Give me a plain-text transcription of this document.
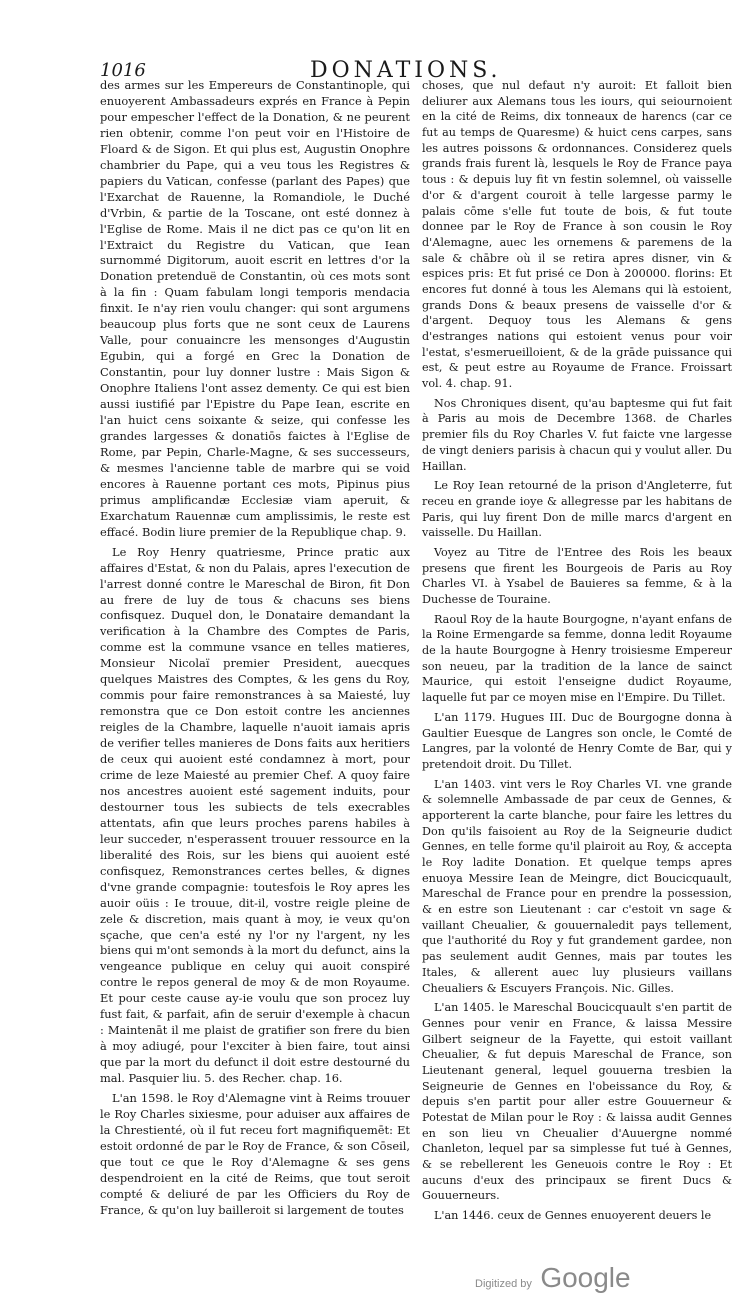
1016	DONATIONS.

des armes sur les Empereurs de Constantinople, qui enuoyerent Ambassadeurs exprés en France à Pepin pour empescher l'effect de la Donation, & ne peurent rien obtenir, comme l'on peut voir en l'Histoire de Floard & de Sigon. Et qui plus est, Augustin Onophre chambrier du Pape, qui a veu tous les Registres & papiers du Vatican, confesse (parlant des Papes) que l'Exarchat de Rauenne, la Romandiole, le Duché d'Vrbin, & partie de la Toscane, ont esté donnez à l'Eglise de Rome. Mais il ne dict pas ce qu'on lit en l'Extraict du Registre du Vatican, que Iean surnommé Digitorum, auoit escrit en lettres d'or la Donation pretenduë de Constantin, où ces mots sont à la fin : Quam fabulam longi temporis mendacia finxit. Ie n'ay rien voulu changer: qui sont argumens beaucoup plus forts que ne sont ceux de Laurens Valle, pour conuaincre les mensonges d'Augustin Egubin, qui a forgé en Grec la Donation de Constantin, pour luy donner lustre : Mais Sigon & Onophre Italiens l'ont assez dementy. Ce qui est bien aussi iustifié par l'Epistre du Pape Iean, escrite en l'an huict cens soixante & seize, qui confesse les grandes largesses & donatiōs faictes à l'Eglise de Rome, par Pepin, Charle-Magne, & ses successeurs, & mesmes l'ancienne table de marbre qui se void encores à Rauenne portant ces mots, Pipinus pius primus amplificandæ Ecclesiæ viam aperuit, & Exarchatum Rauennæ cum amplissimis, le reste est effacé. Bodin liure premier de la Republique chap. 9.

Le Roy Henry quatriesme, Prince pratic aux affaires d'Estat, & non du Palais, apres l'execution de l'arrest donné contre le Mareschal de Biron, fit Don au frere de luy de tous & chacuns ses biens confisquez. Duquel don, le Donataire demandant la verification à la Chambre des Comptes de Paris, comme est la commune vsance en telles matieres, Monsieur Nicolaï premier President, auecques quelques Maistres des Comptes, & les gens du Roy, commis pour faire remonstrances à sa Maiesté, luy remonstra que ce Don estoit contre les anciennes reigles de la Chambre, laquelle n'auoit iamais apris de verifier telles manieres de Dons faits aux heritiers de ceux qui auoient esté condamnez à mort, pour crime de leze Maiesté au premier Chef. A quoy faire nos ancestres auoient esté sagement induits, pour destourner tous les subiects de tels execrables attentats, afin que leurs proches parens habiles à leur succeder, n'esperassent trouuer ressource en la liberalité des Rois, sur les biens qui auoient esté confisquez, Remonstrances certes belles, & dignes d'vne grande compagnie: toutesfois le Roy apres les auoir oüis : Ie trouue, dit-il, vostre reigle pleine de zele & discretion, mais quant à moy, ie veux qu'on sçache, que cen'a esté ny l'or ny l'argent, ny les biens qui m'ont semonds à la mort du defunct, ains la vengeance publique en celuy qui auoit conspiré contre le repos general de moy & de mon Royaume. Et pour ceste cause ay-ie voulu que son procez luy fust fait, & parfait, afin de seruir d'exemple à chacun : Maintenāt il me plaist de gratifier son frere du bien à moy adiugé, pour l'exciter à bien faire, tout ainsi que par la mort du defunct il doit estre destourné du mal. Pasquier liu. 5. des Recher. chap. 16.

L'an 1598. le Roy d'Alemagne vint à Reims trouuer le Roy Charles sixiesme, pour aduiser aux affaires de la Chrestienté, où il fut receu fort magnifiquemēt: Et estoit ordonné de par le Roy de France, & son Cōseil, que tout ce que le Roy d'Alemagne & ses gens despendroient en la cité de Reims, que tout seroit compté & deliuré de par les Officiers du Roy de France, & qu'on luy bailleroit si largement de toutes

choses, que nul defaut n'y auroit: Et falloit bien deliurer aux Alemans tous les iours, qui seiournoient en la cité de Reims, dix tonneaux de harencs (car ce fut au temps de Quaresme) & huict cens carpes, sans les autres poissons & ordonnances. Considerez quels grands frais furent là, lesquels le Roy de France paya tous : & depuis luy fit vn festin solemnel, où vaisselle d'or & d'argent couroit à telle largesse parmy le palais cōme s'elle fut toute de bois, & fut toute donnee par le Roy de France à son cousin le Roy d'Alemagne, auec les ornemens & paremens de la sale & chābre où il se retira apres disner, vin & espices pris: Et fut prisé ce Don à 200000. florins: Et encores fut donné à tous les Alemans qui là estoient, grands Dons & beaux presens de vaisselle d'or & d'argent. Dequoy tous les Alemans & gens d'estranges nations qui estoient venus pour voir l'estat, s'esmerueilloient, & de la grāde puissance qui est, & peut estre au Royaume de France. Froissart vol. 4. chap. 91.

Nos Chroniques disent, qu'au baptesme qui fut fait à Paris au mois de Decembre 1368. de Charles premier fils du Roy Charles V. fut faicte vne largesse de vingt deniers parisis à chacun qui y voulut aller. Du Haillan.

Le Roy Iean retourné de la prison d'Angleterre, fut receu en grande ioye & allegresse par les habitans de Paris, qui luy firent Don de mille marcs d'argent en vaisselle. Du Haillan.

Voyez au Titre de l'Entree des Rois les beaux presens que firent les Bourgeois de Paris au Roy Charles VI. à Ysabel de Bauieres sa femme, & à la Duchesse de Touraine.

Raoul Roy de la haute Bourgogne, n'ayant enfans de la Roine Ermengarde sa femme, donna ledit Royaume de la haute Bourgogne à Henry troisiesme Empereur son neueu, par la tradition de la lance de sainct Maurice, qui estoit l'enseigne dudict Royaume, laquelle fut par ce moyen mise en l'Empire. Du Tillet.

L'an 1179. Hugues III. Duc de Bourgogne donna à Gaultier Euesque de Langres son oncle, le Comté de Langres, par la volonté de Henry Comte de Bar, qui y pretendoit droit. Du Tillet.

L'an 1403. vint vers le Roy Charles VI. vne grande & solemnelle Ambassade de par ceux de Gennes, & apporterent la carte blanche, pour faire les lettres du Don qu'ils faisoient au Roy de la Seigneurie dudict Gennes, en telle forme qu'il plairoit au Roy, & accepta le Roy ladite Donation. Et quelque temps apres enuoya Messire Iean de Meingre, dict Boucicquault, Mareschal de France pour en prendre la possession, & en estre son Lieutenant : car c'estoit vn sage & vaillant Cheualier, & gouuernaledit pays tellement, que l'authorité du Roy y fut grandement gardee, non pas seulement audit Gennes, mais par toutes les Itales, & allerent auec luy plusieurs vaillans Cheualiers & Escuyers François. Nic. Gilles.

L'an 1405. le Mareschal Boucicquault s'en partit de Gennes pour venir en France, & laissa Messire Gilbert seigneur de la Fayette, qui estoit vaillant Cheualier, & fut depuis Mareschal de France, son Lieutenant general, lequel gouuerna tresbien la Seigneurie de Gennes en l'obeissance du Roy, & depuis s'en partit pour aller estre Gouuerneur & Potestat de Milan pour le Roy : & laissa audit Gennes en son lieu vn Cheualier d'Auuergne nommé Chanleton, lequel par sa simplesse fut tué à Gennes, & se rebellerent les Geneuois contre le Roy : Et aucuns d'eux des principaux se firent Ducs & Gouuerneurs.

L'an 1446. ceux de Gennes enuoyerent deuers le

Digitized by Google
